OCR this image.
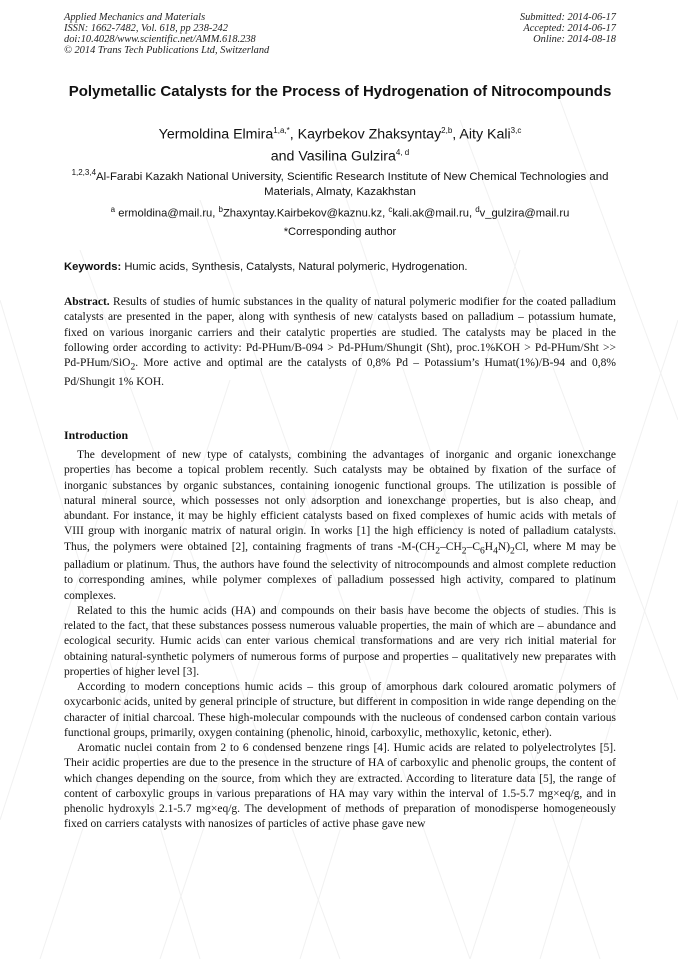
Applied Mechanics and Materials
ISSN: 1662-7482, Vol. 618, pp 238-242
doi:10.4028/www.scientific.net/AMM.618.238
© 2014 Trans Tech Publications Ltd, Switzerland
Submitted: 2014-06-17
Accepted: 2014-06-17
Online: 2014-08-18
Polymetallic Catalysts for the Process of Hydrogenation of Nitrocompounds
Yermoldina Elmira$^{1,a,*}$, Kayrbekov Zhaksyntay$^{2,b}$, Aity Kali$^{3,c}$
and Vasilina Gulzira$^{4, d}$
$^{1,2,3,4}$Al-Farabi Kazakh National University, Scientific Research Institute of New Chemical Technologies and Materials, Almaty, Kazakhstan
$^a$ ermoldina@mail.ru, $^b$Zhaxyntay.Kairbekov@kaznu.kz, $^c$kali.ak@mail.ru, $^d$v_gulzira@mail.ru
*Corresponding author
Keywords: Humic acids, Synthesis, Catalysts, Natural polymeric, Hydrogenation.
Abstract. Results of studies of humic substances in the quality of natural polymeric modifier for the coated palladium catalysts are presented in the paper, along with synthesis of new catalysts based on palladium – potassium humate, fixed on various inorganic carriers and their catalytic properties are studied. The catalysts may be placed in the following order according to activity: Pd-PHum/B-094 > Pd-PHum/Shungit (Sht), proc.1%KOH > Pd-PHum/Sht >> Pd-PHum/SiO$_2$. More active and optimal are the catalysts of 0,8% Pd – Potassium’s Humat(1%)/B-94 and 0,8% Pd/Shungit 1% KOH.
Introduction

The development of new type of catalysts, combining the advantages of inorganic and organic ionexchange properties has become a topical problem recently. Such catalysts may be obtained by fixation of the surface of inorganic substances by organic substances, containing ionogenic functional groups. The utilization is possible of natural mineral source, which possesses not only adsorption and ionexchange properties, but is also cheap, and abundant. For instance, it may be highly efficient catalysts based on fixed complexes of humic acids with metals of VIII group with inorganic matrix of natural origin. In works [1] the high efficiency is noted of palladium catalysts. Thus, the polymers were obtained [2], containing fragments of trans $-M-(CH_2-CH_2-C_6H_4N)_2Cl$, where M may be palladium or platinum. Thus, the authors have found the selectivity of nitrocompounds and almost complete reduction to corresponding amines, while polymer complexes of palladium possessed high activity, compared to platinum complexes.

Related to this the humic acids (HA) and compounds on their basis have become the objects of studies. This is related to the fact, that these substances possess numerous valuable properties, the main of which are – abundance and ecological security. Humic acids can enter various chemical transformations and are very rich initial material for obtaining natural-synthetic polymers of numerous forms of purpose and properties – qualitatively new preparates with properties of higher level [3].

According to modern conceptions humic acids – this group of amorphous dark coloured aromatic polymers of oxycarbonic acids, united by general principle of structure, but different in composition in wide range depending on the character of initial charcoal. These high-molecular compounds with the nucleous of condensed carbon contain various functional groups, primarily, oxygen containing (phenolic, hinoid, carboxylic, methoxylic, ketonic, ether).

Aromatic nuclei contain from 2 to 6 condensed benzene rings [4]. Humic acids are related to polyelectrolytes [5]. Their acidic properties are due to the presence in the structure of HA of carboxylic and phenolic groups, the content of which changes depending on the source, from which they are extracted. According to literature data [5], the range of content of carboxylic groups in various preparations of HA may vary within the interval of 1.5-5.7 mg×eq/g, and in phenolic hydroxyls 2.1-5.7 mg×eq/g. The development of methods of preparation of monodisperse homogeneously fixed on carriers catalysts with nanosizes of particles of active phase gave new
